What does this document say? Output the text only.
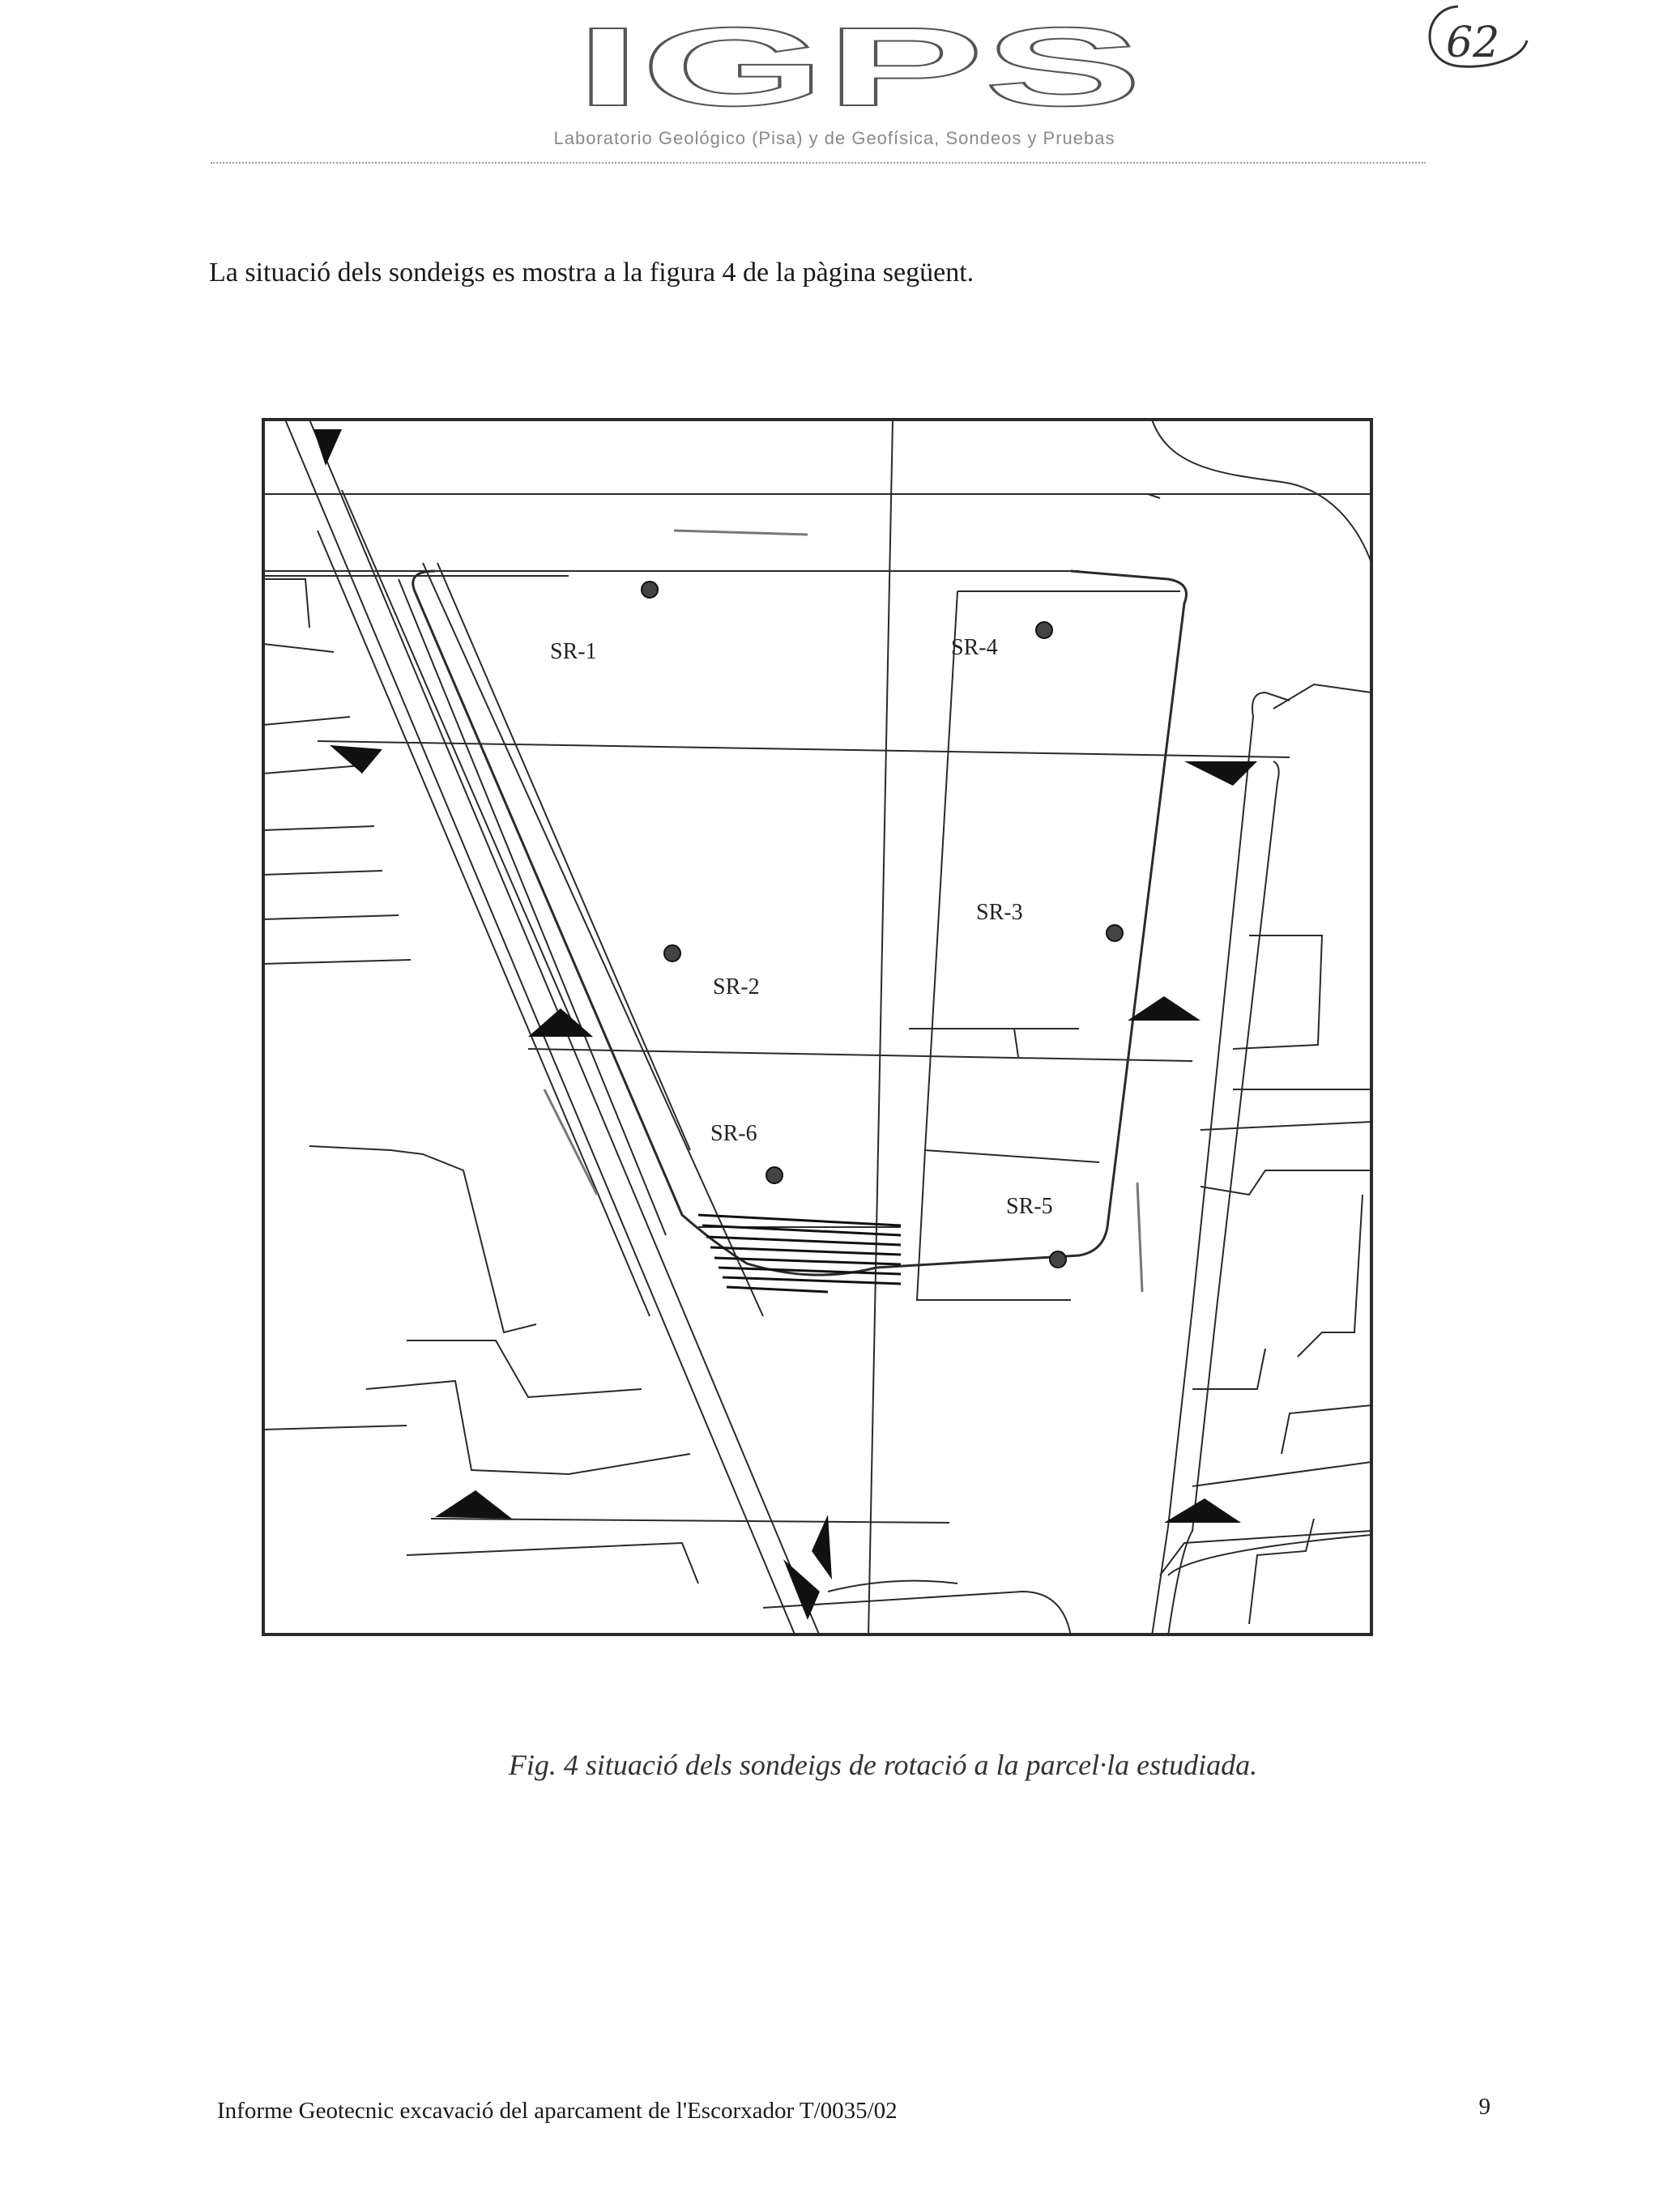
IGPS
Laboratorio Geológico (Pisa) y de Geofísica, Sondeos y Pruebas
62
La situació dels sondeigs es mostra a la figura 4 de la pàgina següent.
SR-1	SR-4
SR-3
SR-2
SR-6
SR-5
Fig. 4 situació dels sondeigs de rotació a la parcel·la estudiada.
Informe Geotecnic excavació del aparcament de l'Escorxador T/0035/02	9
